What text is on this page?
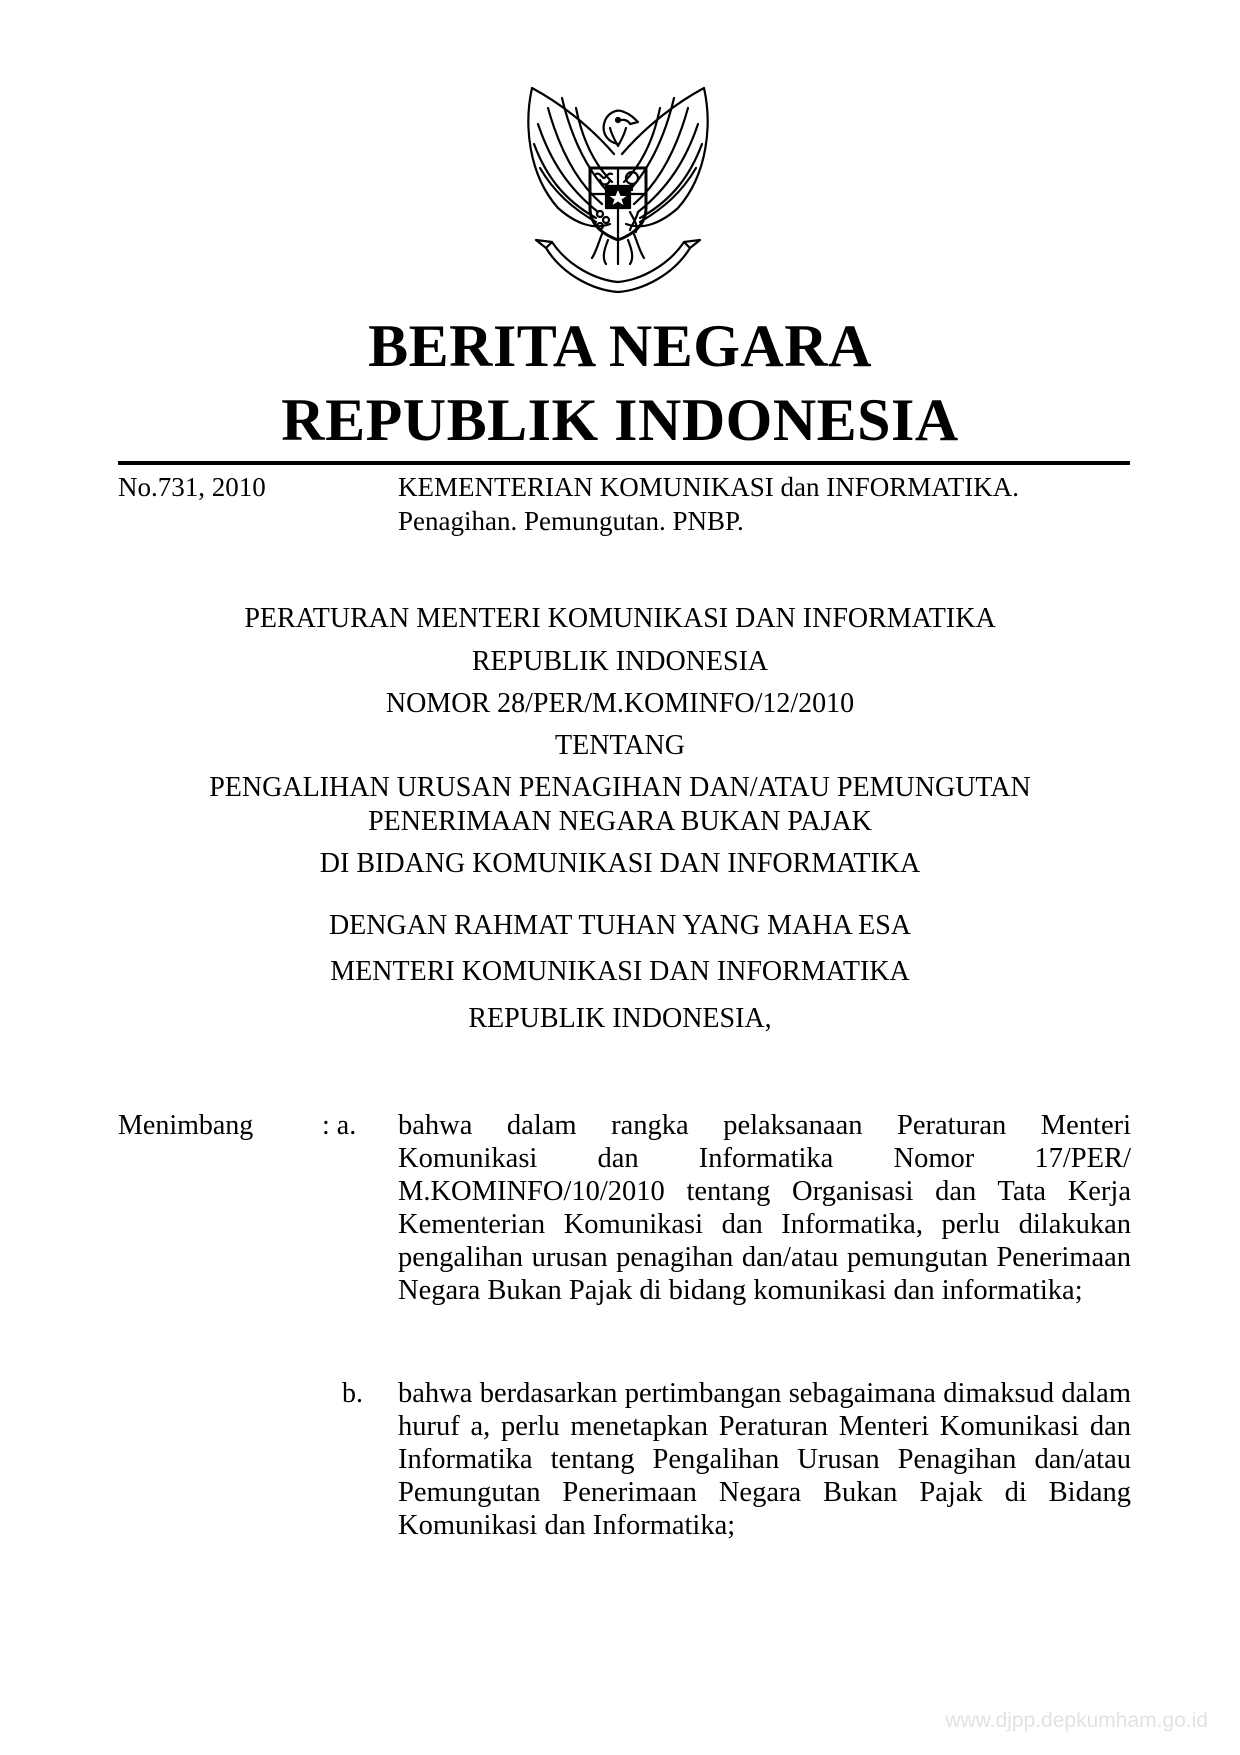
BERITA NEGARA
REPUBLIK INDONESIA
No.731, 2010	KEMENTERIAN KOMUNIKASI dan INFORMATIKA.
Penagihan. Pemungutan. PNBP.
PERATURAN MENTERI KOMUNIKASI DAN INFORMATIKA
REPUBLIK INDONESIA
NOMOR 28/PER/M.KOMINFO/12/2010
TENTANG
PENGALIHAN URUSAN PENAGIHAN DAN/ATAU PEMUNGUTAN
PENERIMAAN NEGARA BUKAN PAJAK
DI BIDANG KOMUNIKASI DAN INFORMATIKA
DENGAN RAHMAT TUHAN YANG MAHA ESA
MENTERI KOMUNIKASI DAN INFORMATIKA
REPUBLIK INDONESIA,
Menimbang : a. bahwa dalam rangka pelaksanaan Peraturan Menteri Komunikasi dan Informatika Nomor 17/PER/ M.KOMINFO/10/2010 tentang Organisasi dan Tata Kerja Kementerian Komunikasi dan Informatika, perlu dilakukan pengalihan urusan penagihan dan/atau pemungutan Penerimaan Negara Bukan Pajak di bidang komunikasi dan informatika;
b. bahwa berdasarkan pertimbangan sebagaimana dimaksud dalam huruf a, perlu menetapkan Peraturan Menteri Komunikasi dan Informatika tentang Pengalihan Urusan Penagihan dan/atau Pemungutan Penerimaan Negara Bukan Pajak di Bidang Komunikasi dan Informatika;
www.djpp.depkumham.go.id
